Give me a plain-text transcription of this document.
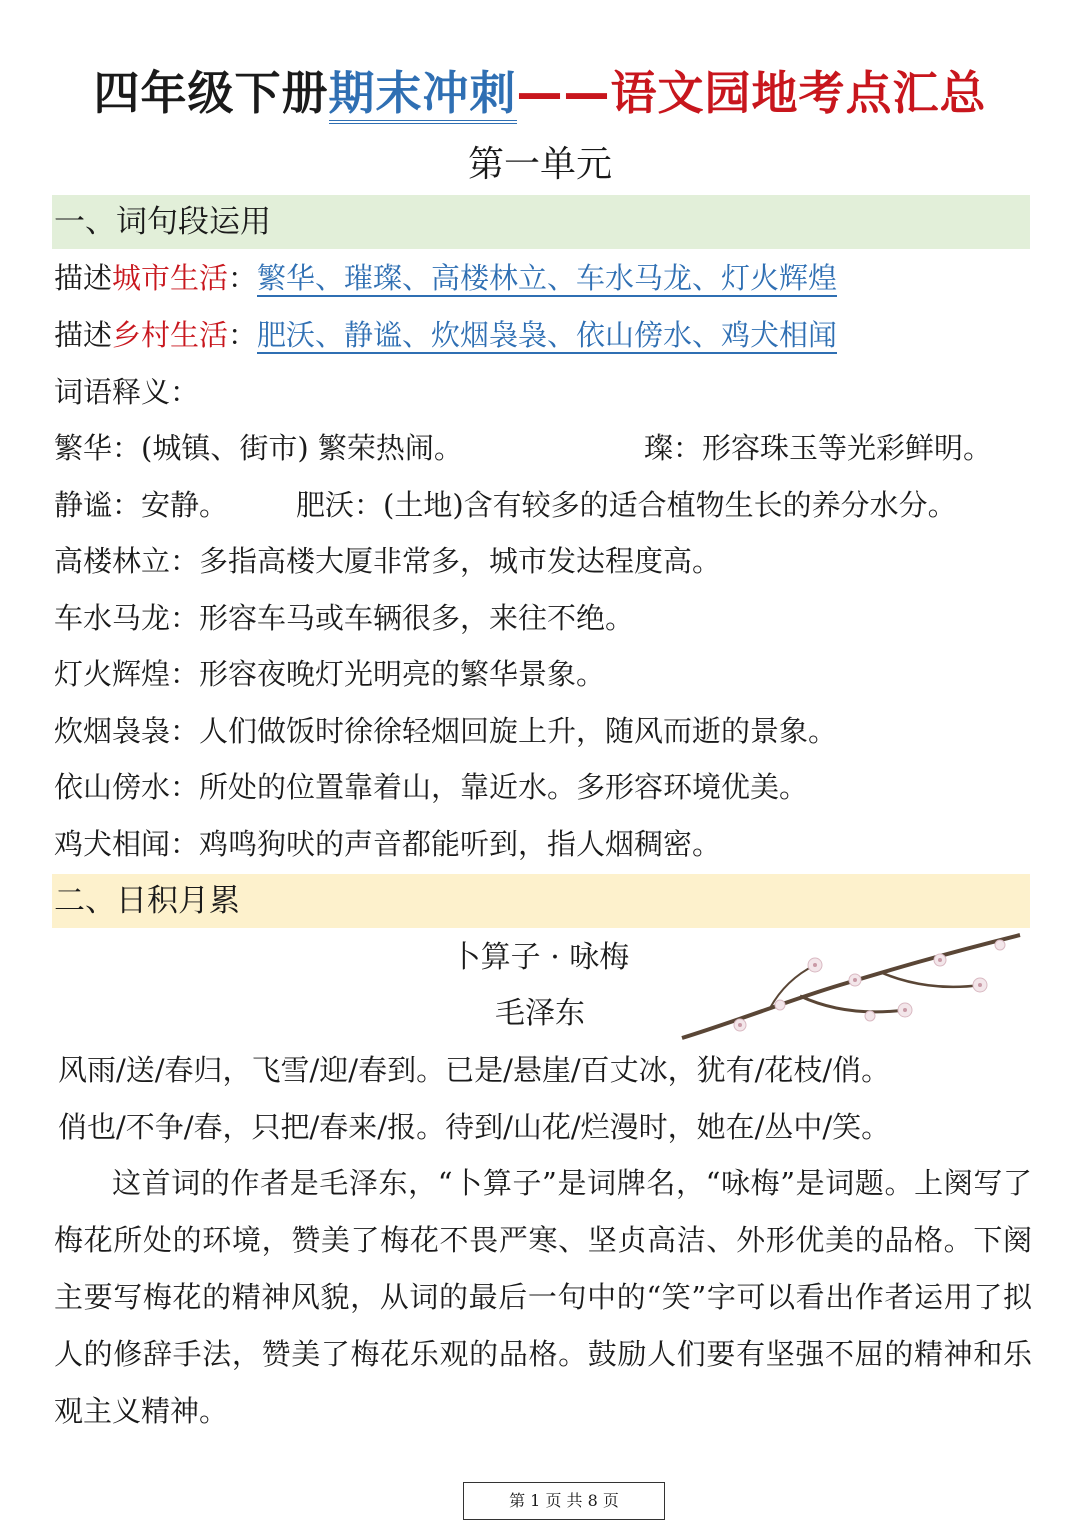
四年级下册期末冲刺——语文园地考点汇总
第一单元
一、词句段运用
描述城市生活：繁华、璀璨、高楼林立、车水马龙、灯火辉煌
描述乡村生活：肥沃、静谧、炊烟袅袅、依山傍水、鸡犬相闻
词语释义：
繁华：(城镇、街市) 繁荣热闹。	璨：形容珠玉等光彩鲜明。
静谧：安静。 肥沃：(土地)含有较多的适合植物生长的养分水分。
高楼林立：多指高楼大厦非常多，城市发达程度高。
车水马龙：形容车马或车辆很多，来往不绝。
灯火辉煌：形容夜晚灯光明亮的繁华景象。
炊烟袅袅：人们做饭时徐徐轻烟回旋上升，随风而逝的景象。
依山傍水：所处的位置靠着山，靠近水。多形容环境优美。
鸡犬相闻：鸡鸣狗吠的声音都能听到，指人烟稠密。
二、日积月累
卜算子 · 咏梅
毛泽东
风雨/送/春归，飞雪/迎/春到。已是/悬崖/百丈冰，犹有/花枝/俏。
俏也/不争/春，只把/春来/报。待到/山花/烂漫时，她在/丛中/笑。
这首词的作者是毛泽东，“卜算子”是词牌名，“咏梅”是词题。上阕写了梅花所处的环境，赞美了梅花不畏严寒、坚贞高洁、外形优美的品格。下阕主要写梅花的精神风貌，从词的最后一句中的“笑”字可以看出作者运用了拟人的修辞手法，赞美了梅花乐观的品格。鼓励人们要有坚强不屈的精神和乐观主义精神。
第 1 页 共 8 页
